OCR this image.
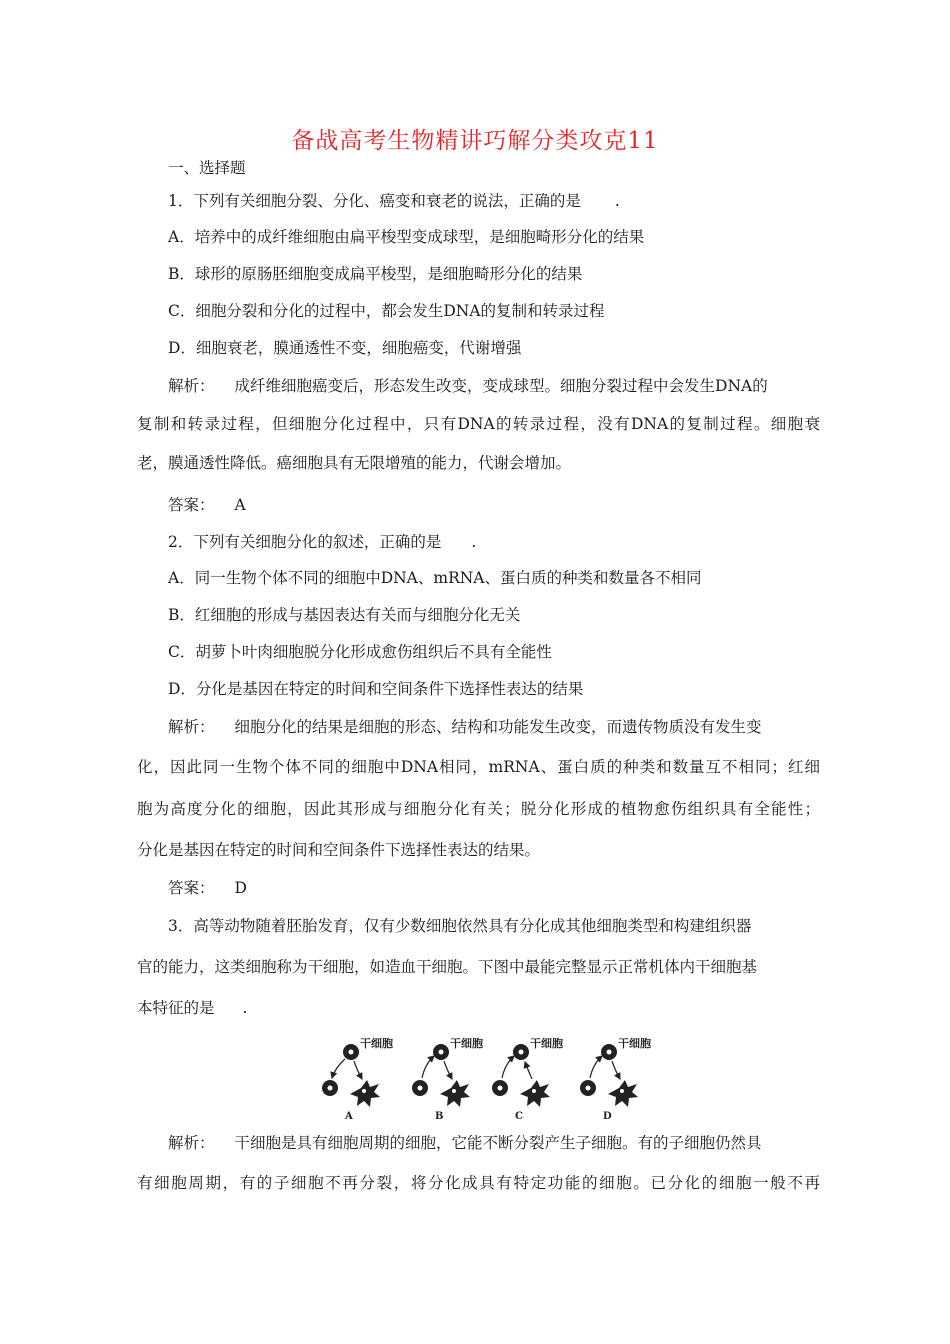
备战高考生物精讲巧解分类攻克11
一、选择题
1．下列有关细胞分裂、分化、癌变和衰老的说法，正确的是 .
A．培养中的成纤维细胞由扁平梭型变成球型，是细胞畸形分化的结果
B．球形的原肠胚细胞变成扁平梭型，是细胞畸形分化的结果
C．细胞分裂和分化的过程中，都会发生DNA的复制和转录过程
D．细胞衰老，膜通透性不变，细胞癌变，代谢增强
解析： 成纤维细胞癌变后，形态发生改变，变成球型。细胞分裂过程中会发生DNA的
复制和转录过程，但细胞分化过程中，只有DNA的转录过程，没有DNA的复制过程。细胞衰
老，膜通透性降低。癌细胞具有无限增殖的能力，代谢会增加。
答案： A
2．下列有关细胞分化的叙述，正确的是 .
A．同一生物个体不同的细胞中DNA、mRNA、蛋白质的种类和数量各不相同
B．红细胞的形成与基因表达有关而与细胞分化无关
C．胡萝卜叶肉细胞脱分化形成愈伤组织后不具有全能性
D．分化是基因在特定的时间和空间条件下选择性表达的结果
解析： 细胞分化的结果是细胞的形态、结构和功能发生改变，而遗传物质没有发生变
化，因此同一生物个体不同的细胞中DNA相同，mRNA、蛋白质的种类和数量互不相同；红细
胞为高度分化的细胞，因此其形成与细胞分化有关；脱分化形成的植物愈伤组织具有全能性；
分化是基因在特定的时间和空间条件下选择性表达的结果。
答案： D
3．高等动物随着胚胎发育，仅有少数细胞依然具有分化成其他细胞类型和构建组织器
官的能力，这类细胞称为干细胞，如造血干细胞。下图中最能完整显示正常机体内干细胞基
本特征的是 .
干细胞
A
干细胞
B
干细胞
C
干细胞
D
解析： 干细胞是具有细胞周期的细胞，它能不断分裂产生子细胞。有的子细胞仍然具
有细胞周期，有的子细胞不再分裂，将分化成具有特定功能的细胞。已分化的细胞一般不再
